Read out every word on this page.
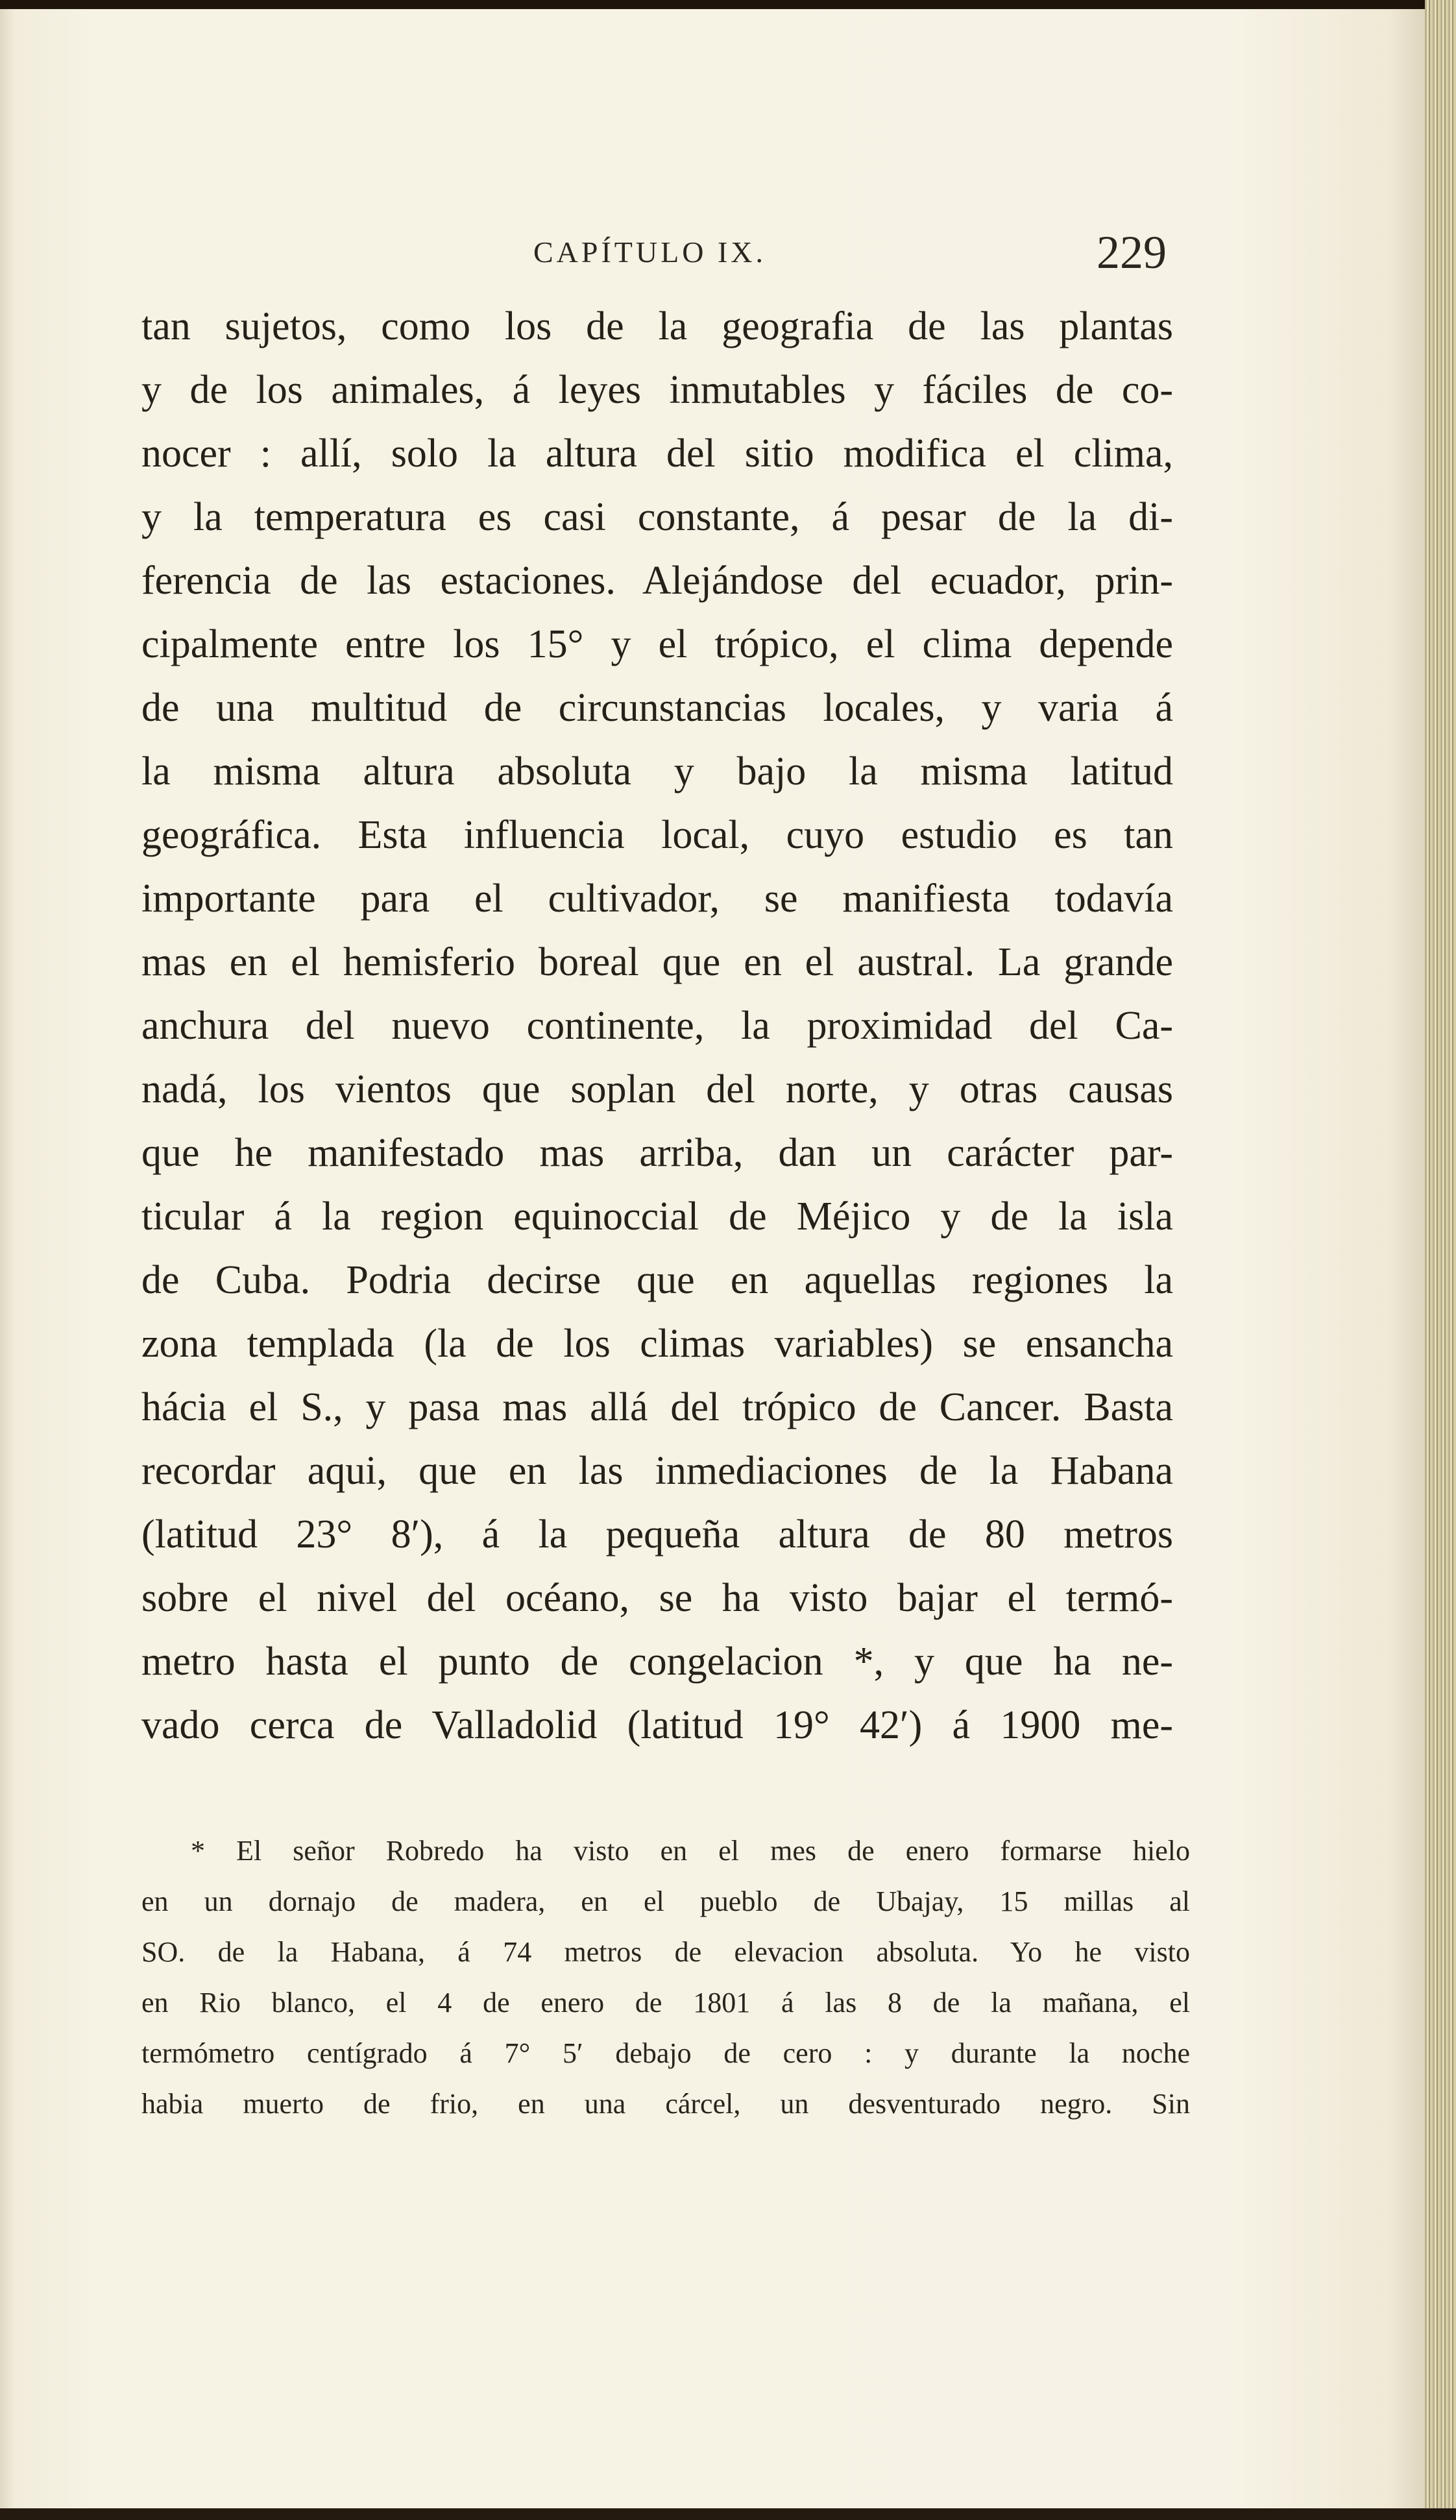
CAPÍTULO IX.	229
tan sujetos, como los de la geografia de las plantas
y de los animales, á leyes inmutables y fáciles de co-
nocer : allí, solo la altura del sitio modifica el clima,
y la temperatura es casi constante, á pesar de la di-
ferencia de las estaciones. Alejándose del ecuador, prin-
cipalmente entre los 15° y el trópico, el clima depende
de una multitud de circunstancias locales, y varia á
la misma altura absoluta y bajo la misma latitud
geográfica. Esta influencia local, cuyo estudio es tan
importante para el cultivador, se manifiesta todavía
mas en el hemisferio boreal que en el austral. La grande
anchura del nuevo continente, la proximidad del Ca-
nadá, los vientos que soplan del norte, y otras causas
que he manifestado mas arriba, dan un carácter par-
ticular á la region equinoccial de Méjico y de la isla
de Cuba. Podria decirse que en aquellas regiones la
zona templada (la de los climas variables) se ensancha
hácia el S., y pasa mas allá del trópico de Cancer. Basta
recordar aqui, que en las inmediaciones de la Habana
(latitud 23° 8′), á la pequeña altura de 80 metros
sobre el nivel del océano, se ha visto bajar el termó-
metro hasta el punto de congelacion *, y que ha ne-
vado cerca de Valladolid (latitud 19° 42′) á 1900 me-
* El señor Robredo ha visto en el mes de enero formarse hielo
en un dornajo de madera, en el pueblo de Ubajay, 15 millas al
SO. de la Habana, á 74 metros de elevacion absoluta. Yo he visto
en Rio blanco, el 4 de enero de 1801 á las 8 de la mañana, el
termómetro centígrado á 7° 5′ debajo de cero : y durante la noche
habia muerto de frio, en una cárcel, un desventurado negro. Sin
